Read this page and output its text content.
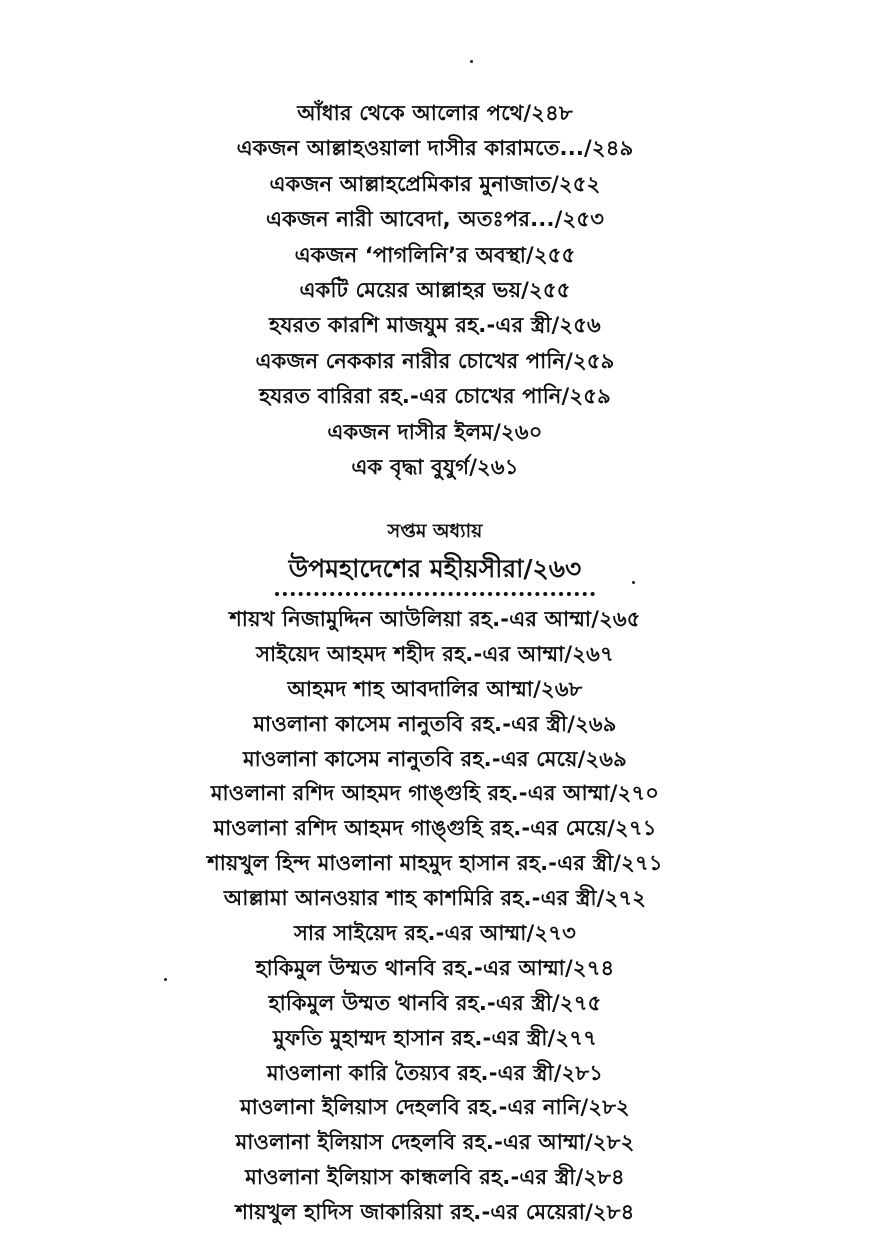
আঁধার থেকে আলোর পথে/২৪৮
একজন আল্লাহওয়ালা দাসীর কারামতে.../২৪৯
একজন আল্লাহপ্রেমিকার মুনাজাত/২৫২
একজন নারী আবেদা, অতঃপর.../২৫৩
একজন ‘পাগলিনি’র অবস্থা/২৫৫
একটি মেয়ের আল্লাহর ভয়/২৫৫
হযরত কারশি মাজযুম রহ.-এর স্ত্রী/২৫৬
একজন নেককার নারীর চোখের পানি/২৫৯
হযরত বারিরা রহ.-এর চোখের পানি/২৫৯
একজন দাসীর ইলম/২৬০
এক বৃদ্ধা বুযুর্গ/২৬১
সপ্তম অধ্যায়
উপমহাদেশের মহীয়সীরা/২৬৩
শায়খ নিজামুদ্দিন আউলিয়া রহ.-এর আম্মা/২৬৫
সাইয়েদ আহমদ শহীদ রহ.-এর আম্মা/২৬৭
আহমদ শাহ আবদালির আম্মা/২৬৮
মাওলানা কাসেম নানুতবি রহ.-এর স্ত্রী/২৬৯
মাওলানা কাসেম নানুতবি রহ.-এর মেয়ে/২৬৯
মাওলানা রশিদ আহমদ গাঙ্গুহি রহ.-এর আম্মা/২৭০
মাওলানা রশিদ আহমদ গাঙ্গুহি রহ.-এর মেয়ে/২৭১
শায়খুল হিন্দ মাওলানা মাহমুদ হাসান রহ.-এর স্ত্রী/২৭১
আল্লামা আনওয়ার শাহ কাশমিরি রহ.-এর স্ত্রী/২৭২
সার সাইয়েদ রহ.-এর আম্মা/২৭৩
হাকিমুল উম্মত থানবি রহ.-এর আম্মা/২৭৪
হাকিমুল উম্মত থানবি রহ.-এর স্ত্রী/২৭৫
মুফতি মুহাম্মদ হাসান রহ.-এর স্ত্রী/২৭৭
মাওলানা কারি তৈয়্যব রহ.-এর স্ত্রী/২৮১
মাওলানা ইলিয়াস দেহলবি রহ.-এর নানি/২৮২
মাওলানা ইলিয়াস দেহলবি রহ.-এর আম্মা/২৮২
মাওলানা ইলিয়াস কান্ধলবি রহ.-এর স্ত্রী/২৮৪
শায়খুল হাদিস জাকারিয়া রহ.-এর মেয়েরা/২৮৪
